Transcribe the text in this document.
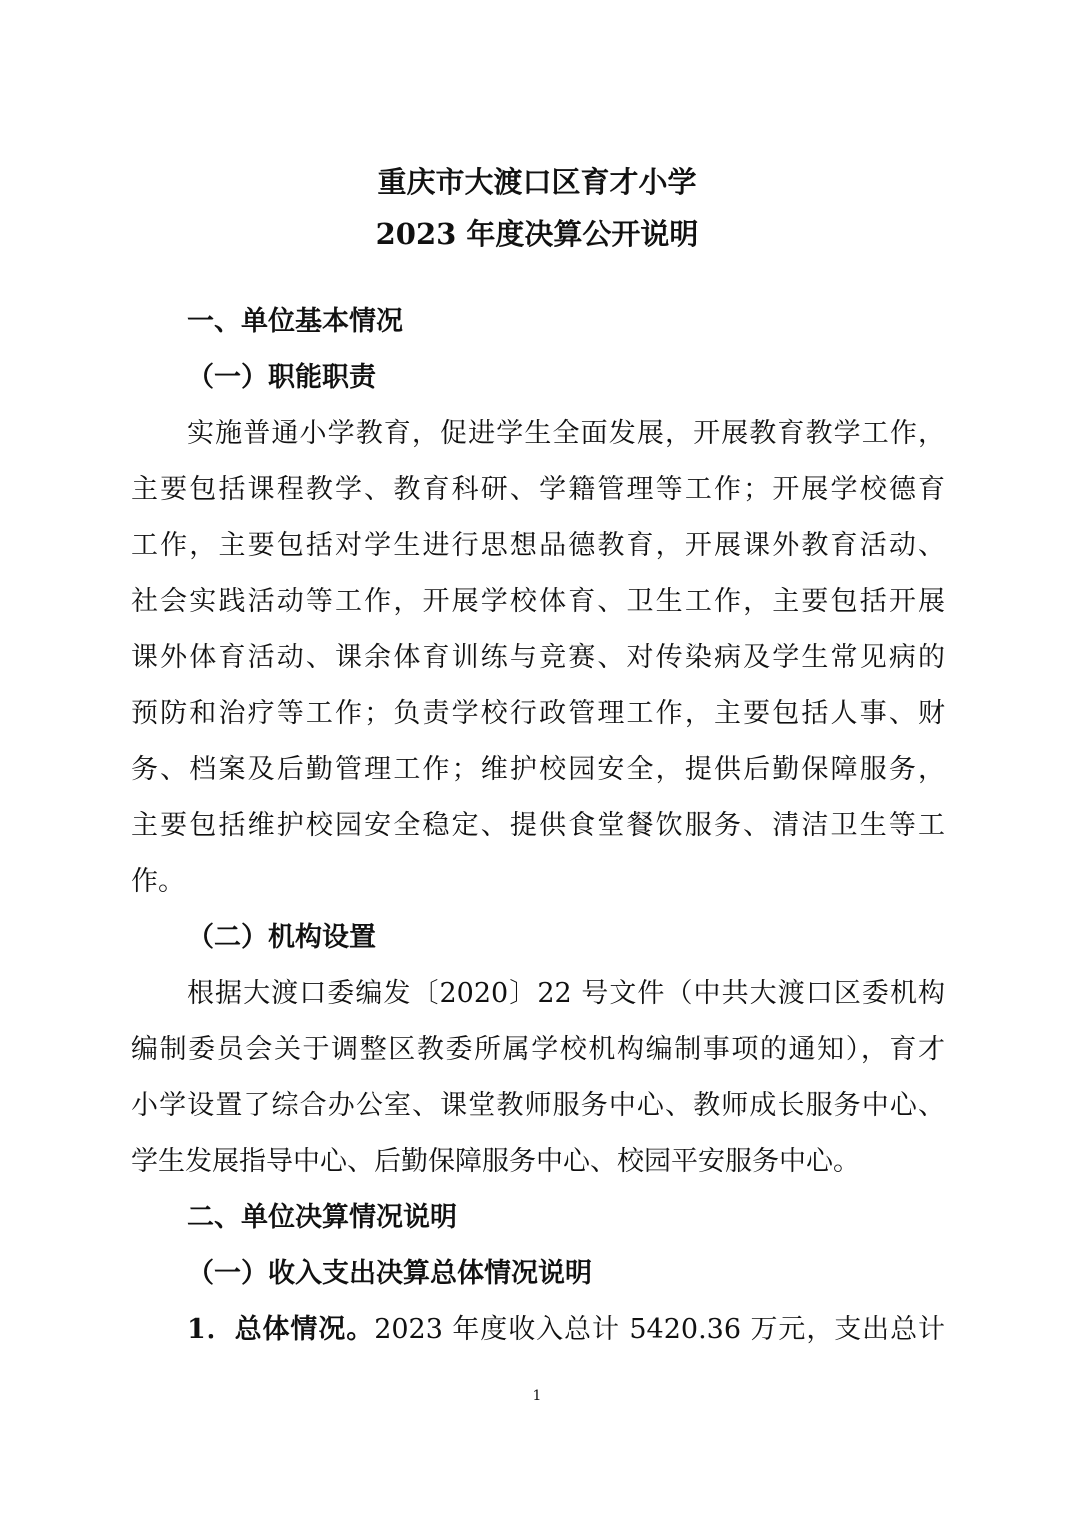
重庆市大渡口区育才小学
2023 年度决算公开说明
一、单位基本情况
（一）职能职责
实施普通小学教育，促进学生全面发展，开展教育教学工作，
主要包括课程教学、教育科研、学籍管理等工作；开展学校德育
工作，主要包括对学生进行思想品德教育，开展课外教育活动、
社会实践活动等工作，开展学校体育、卫生工作，主要包括开展
课外体育活动、课余体育训练与竞赛、对传染病及学生常见病的
预防和治疗等工作；负责学校行政管理工作，主要包括人事、财
务、档案及后勤管理工作；维护校园安全，提供后勤保障服务，
主要包括维护校园安全稳定、提供食堂餐饮服务、清洁卫生等工
作。
（二）机构设置
根据大渡口委编发〔2020〕22 号文件（中共大渡口区委机构
编制委员会关于调整区教委所属学校机构编制事项的通知），育才
小学设置了综合办公室、课堂教师服务中心、教师成长服务中心、
学生发展指导中心、后勤保障服务中心、校园平安服务中心。
二、单位决算情况说明
（一）收入支出决算总体情况说明
1．总体情况。2023 年度收入总计 5420.36 万元，支出总计
1
